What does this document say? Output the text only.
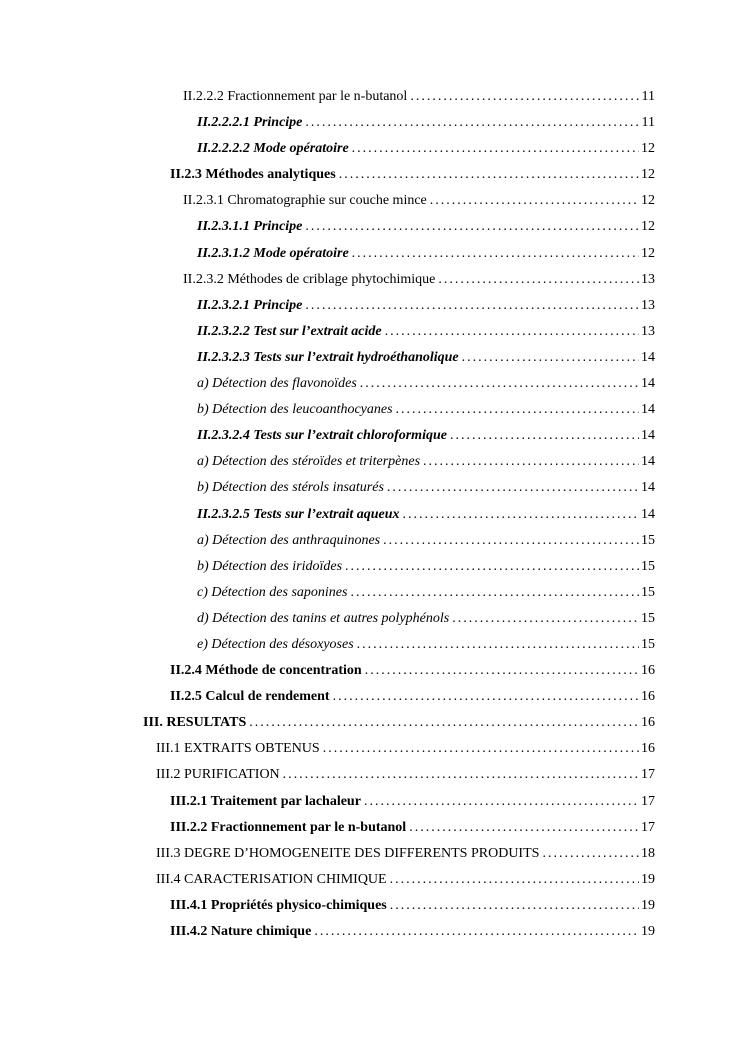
II.2.2.2 Fractionnement par le n-butanol .....	11
II.2.2.2.1 Principe .....	11
II.2.2.2.2 Mode opératoire .....	12
II.2.3 Méthodes analytiques .....	12
II.2.3.1 Chromatographie sur couche mince .....	12
II.2.3.1.1 Principe .....	12
II.2.3.1.2 Mode opératoire .....	12
II.2.3.2 Méthodes de criblage phytochimique .....	13
II.2.3.2.1 Principe .....	13
II.2.3.2.2 Test sur l’extrait acide .....	13
II.2.3.2.3 Tests sur l’extrait hydroéthanolique .....	14
a) Détection des flavonoïdes .....	14
b) Détection des leucoanthocyanes .....	14
II.2.3.2.4 Tests sur l’extrait chloroformique .....	14
a) Détection des stéroïdes et triterpènes .....	14
b) Détection des stérols insaturés .....	14
II.2.3.2.5 Tests sur l’extrait aqueux .....	14
a) Détection des anthraquinones .....	15
b) Détection des iridoïdes .....	15
c) Détection des saponines .....	15
d) Détection des tanins et autres polyphénols .....	15
e) Détection des désoxyoses .....	15
II.2.4 Méthode de concentration .....	16
II.2.5 Calcul de rendement .....	16
III. RESULTATS .....	16
III.1 EXTRAITS OBTENUS .....	16
III.2 PURIFICATION .....	17
III.2.1 Traitement par lachaleur .....	17
III.2.2 Fractionnement par le n-butanol .....	17
III.3 DEGRE D’HOMOGENEITE DES DIFFERENTS PRODUITS .....	18
III.4 CARACTERISATION CHIMIQUE .....	19
III.4.1 Propriétés physico-chimiques .....	19
III.4.2 Nature chimique .....	19
